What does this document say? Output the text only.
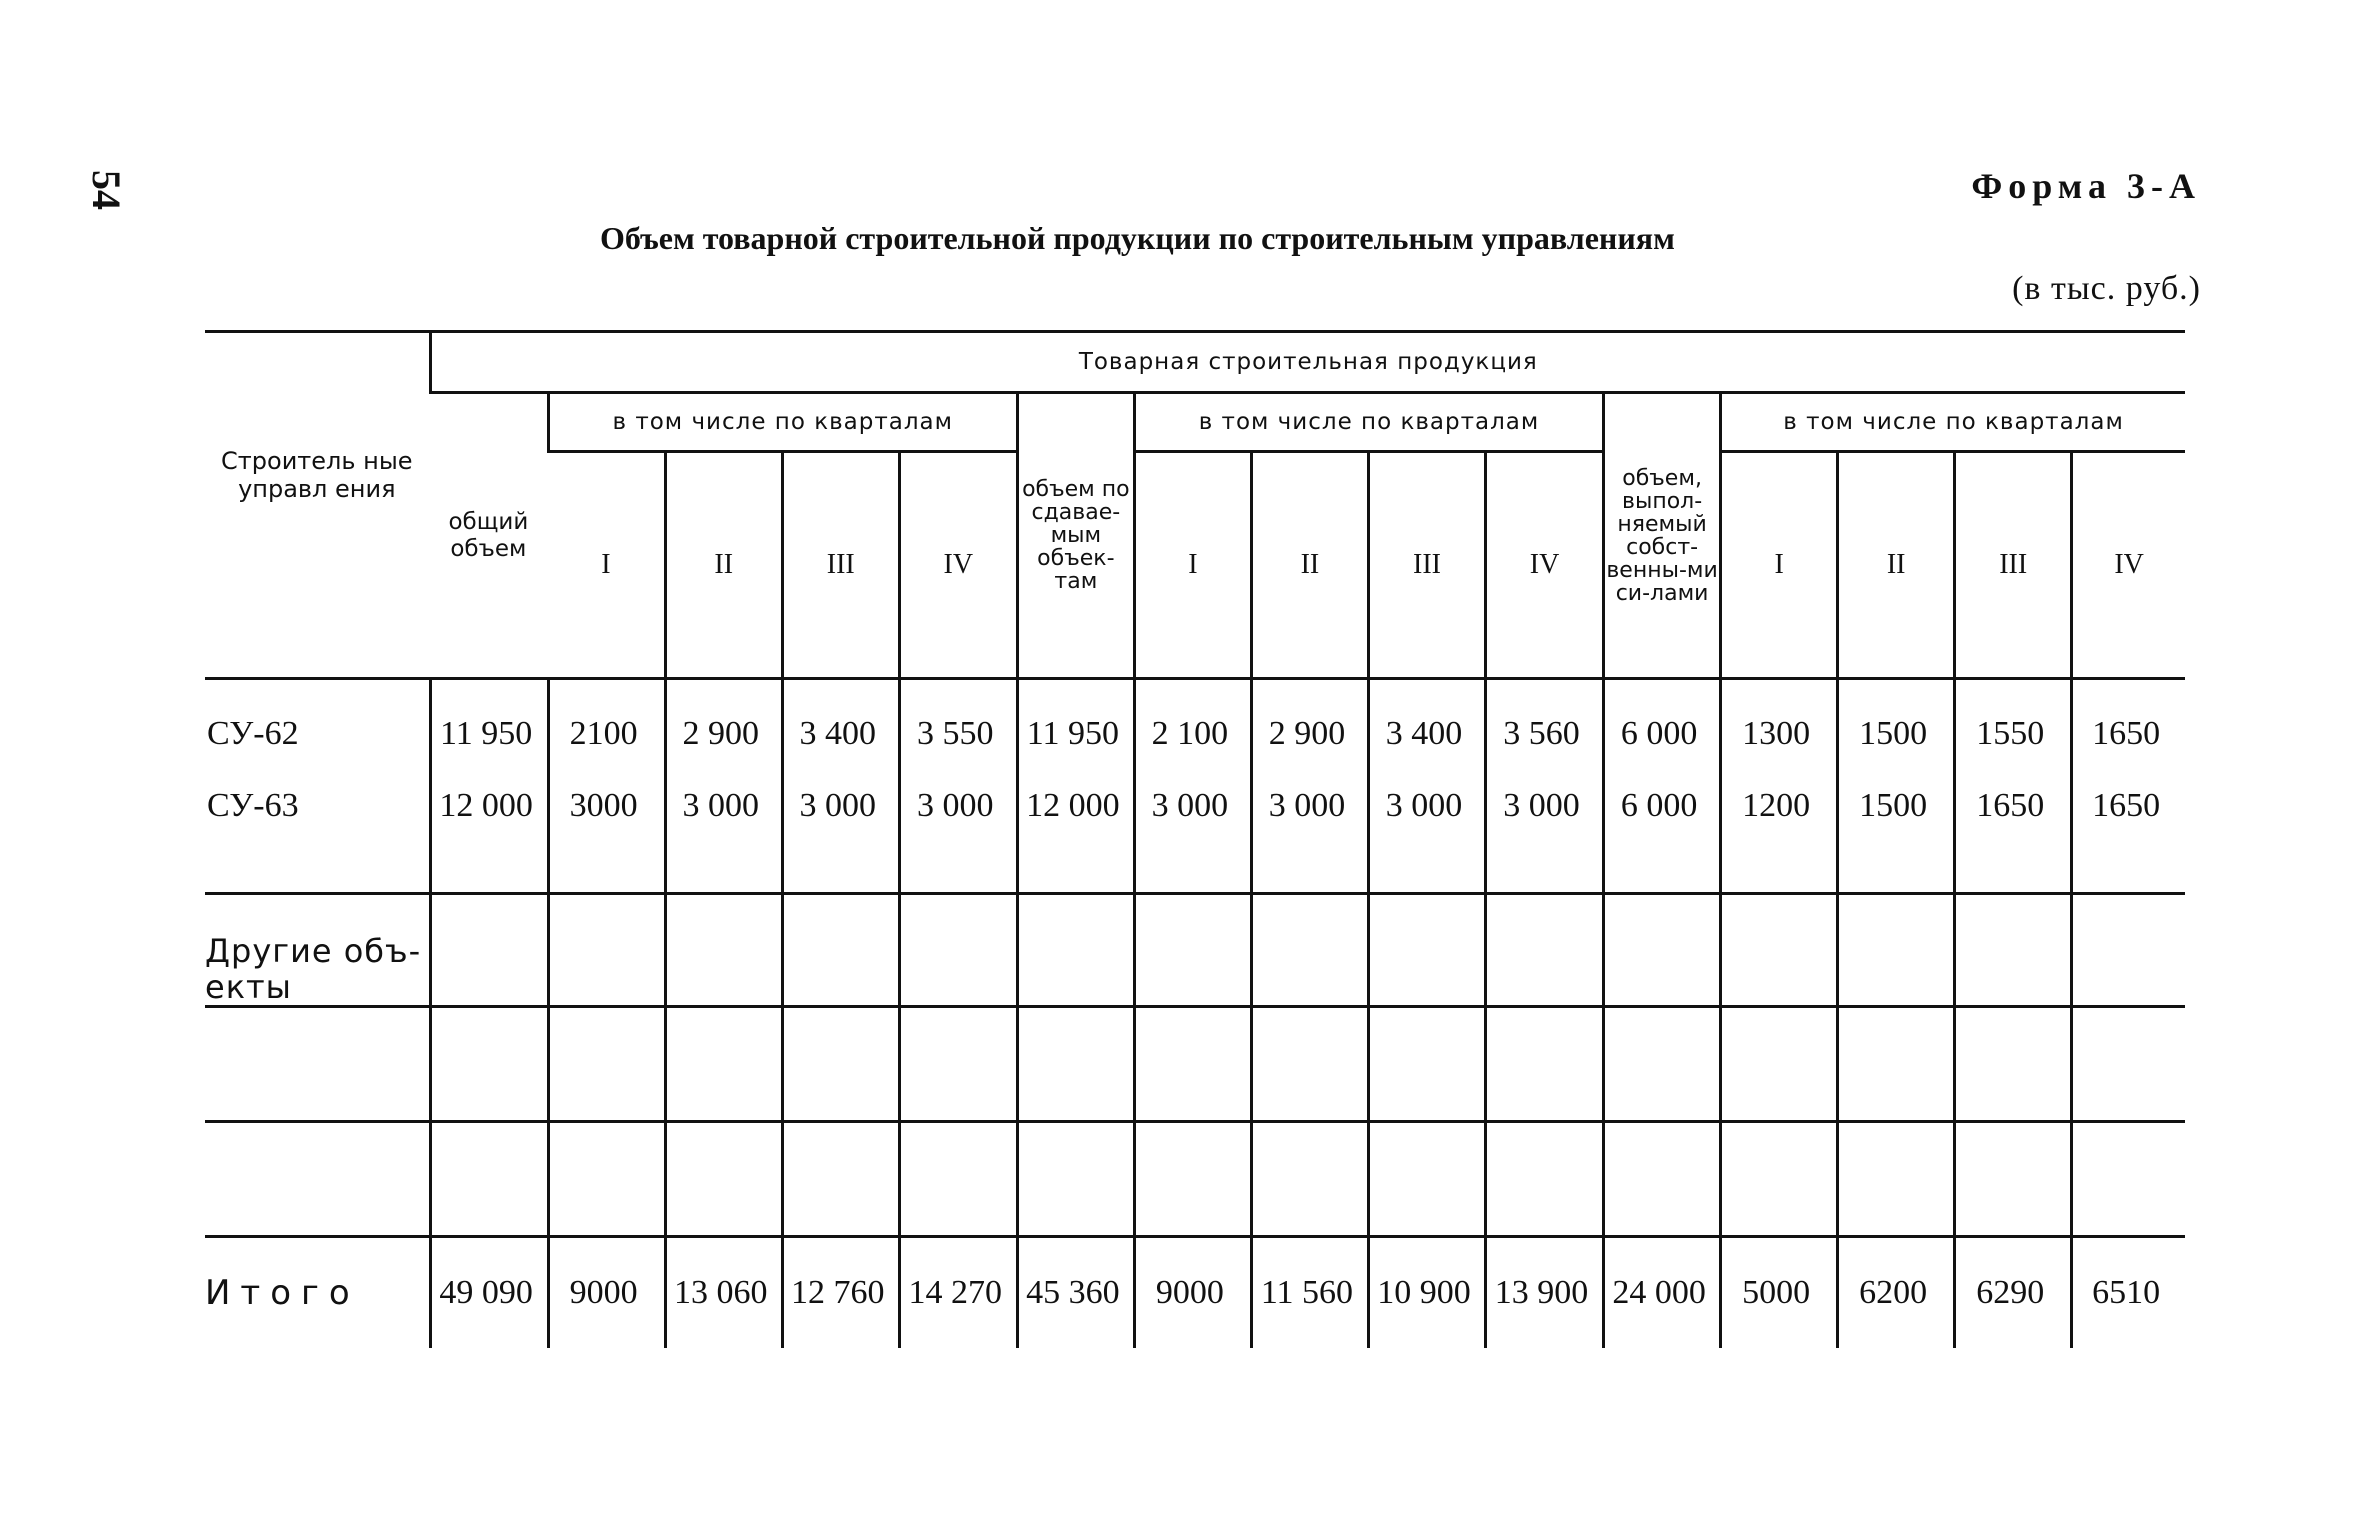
54	Форма 3-А
Объем товарной строительной продукции по строительным управлениям
(в тыс. руб.)
Строитель ные управл ения	Товарная строительная продукция														
	общий объем	в том числе по кварталам				объем по сдавае-мым объек-там	в том числе по кварталам				объем, выпол-няемый собст-венны-ми си-лами	в том числе по кварталам			
		I	II	III	IV		I	II	III	IV		I	II	III	IV

СУ-62	11 950	2100	2 900	3 400	3 550	11 950	2 100	2 900	3 400	3 560	6 000	1300	1500	1550	1650
СУ-63	12 000	3000	3 000	3 000	3 000	12 000	3 000	3 000	3 000	3 000	6 000	1200	1500	1650	1650

Другие объ-екты															

Итого	49 090	9000	13 060	12 760	14 270	45 360	9000	11 560	10 900	13 900	24 000	5000	6200	6290	6510
